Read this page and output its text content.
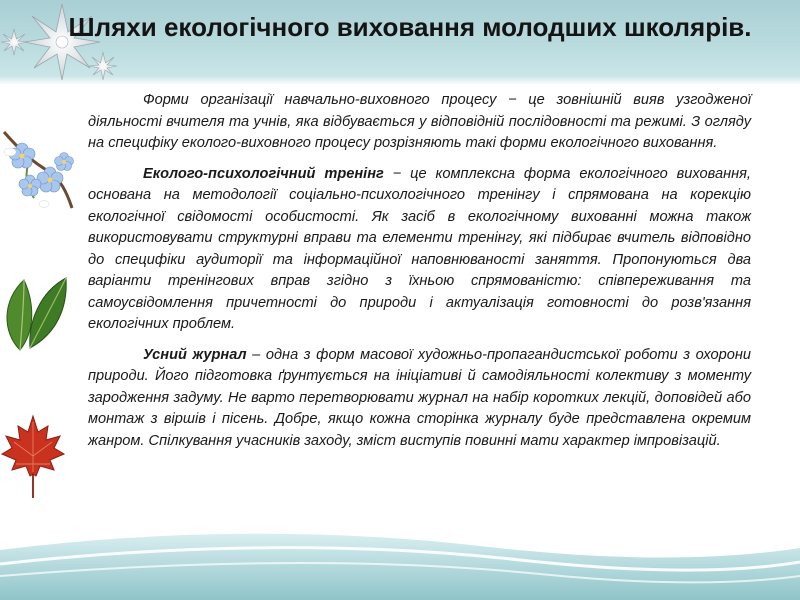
Шляхи екологічного виховання молодших школярів.

Форми організації навчально-виховного процесу − це зовнішній вияв узгодженої діяльності вчителя та учнів, яка відбувається у відповідній послідовності та режимі. З огляду на специфіку еколого-виховного процесу розрізняють такі форми екологічного виховання.

Еколого-психологічний тренінг − це комплексна форма екологічного виховання, основана на методології соціально-психологічного тренінгу і спрямована на корекцію екологічної свідомості особистості. Як засіб в екологічному вихованні можна також використовувати структурні вправи та елементи тренінгу, які підбирає вчитель відповідно до специфіки аудиторії та інформаційної наповнюваності заняття. Пропонуються два варіанти тренінгових вправ згідно з їхньою спрямованістю: співпереживання та самоусвідомлення причетності до природи і актуалізація готовності до розв'язання екологічних проблем.

Усний журнал – одна з форм масової художньо-пропагандистської роботи з охорони природи. Його підготовка ґрунтується на ініціативі й самодіяльності колективу з моменту зародження задуму. Не варто перетворювати журнал на набір коротких лекцій, доповідей або монтаж з віршів і пісень. Добре, якщо кожна сторінка журналу буде представлена окремим жанром. Спілкування учасників заходу, зміст виступів повинні мати характер імпровізацій.
